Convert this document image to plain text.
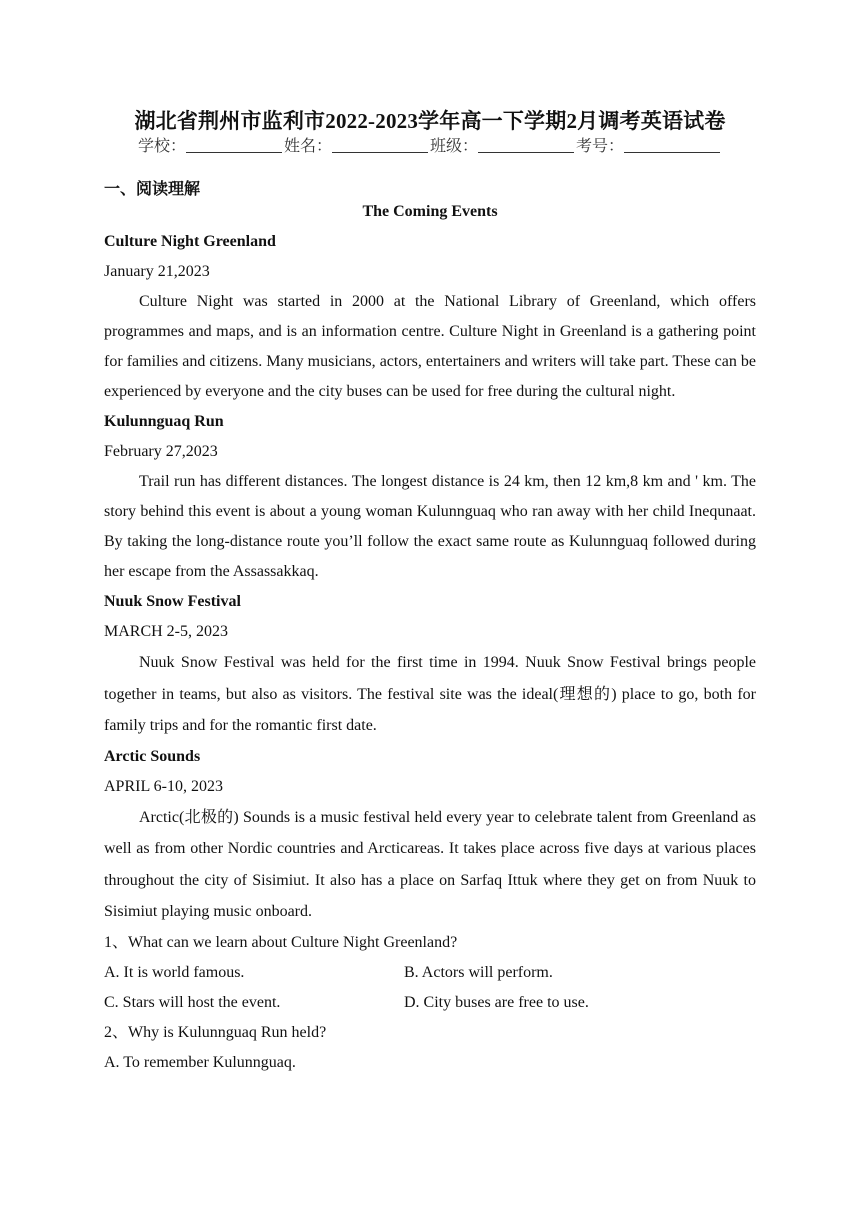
湖北省荆州市监利市2022-2023学年高一下学期2月调考英语试卷
学校：	姓名：	班级：	考号：
一、阅读理解

The Coming Events

Culture Night Greenland

January 21,2023

Culture Night was started in 2000 at the National Library of Greenland, which offers programmes and maps, and is an information centre. Culture Night in Greenland is a gathering point for families and citizens. Many musicians, actors, entertainers and writers will take part. These can be experienced by everyone and the city buses can be used for free during the cultural night.

Kulunnguaq Run

February 27,2023

Trail run has different distances. The longest distance is 24 km, then 12 km,8 km and ' km. The story behind this event is about a young woman Kulunnguaq who ran away with her child Inequnaat. By taking the long-distance route you’ll follow the exact same route as Kulunnguaq followed during her escape from the Assassakkaq.

Nuuk Snow Festival

MARCH 2-5, 2023

Nuuk Snow Festival was held for the first time in 1994. Nuuk Snow Festival brings people together in teams, but also as visitors. The festival site was the ideal(理想的) place to go, both for family trips and for the romantic first date.

Arctic Sounds

APRIL 6-10, 2023

Arctic(北极的) Sounds is a music festival held every year to celebrate talent from Greenland as well as from other Nordic countries and Arcticareas. It takes place across five days at various places throughout the city of Sisimiut. It also has a place on Sarfaq Ittuk where they get on from Nuuk to Sisimiut playing music onboard.

1、What can we learn about Culture Night Greenland?

A. It is world famous.	B. Actors will perform.
C. Stars will host the event.	D. City buses are free to use.

2、Why is Kulunnguaq Run held?

A. To remember Kulunnguaq.
